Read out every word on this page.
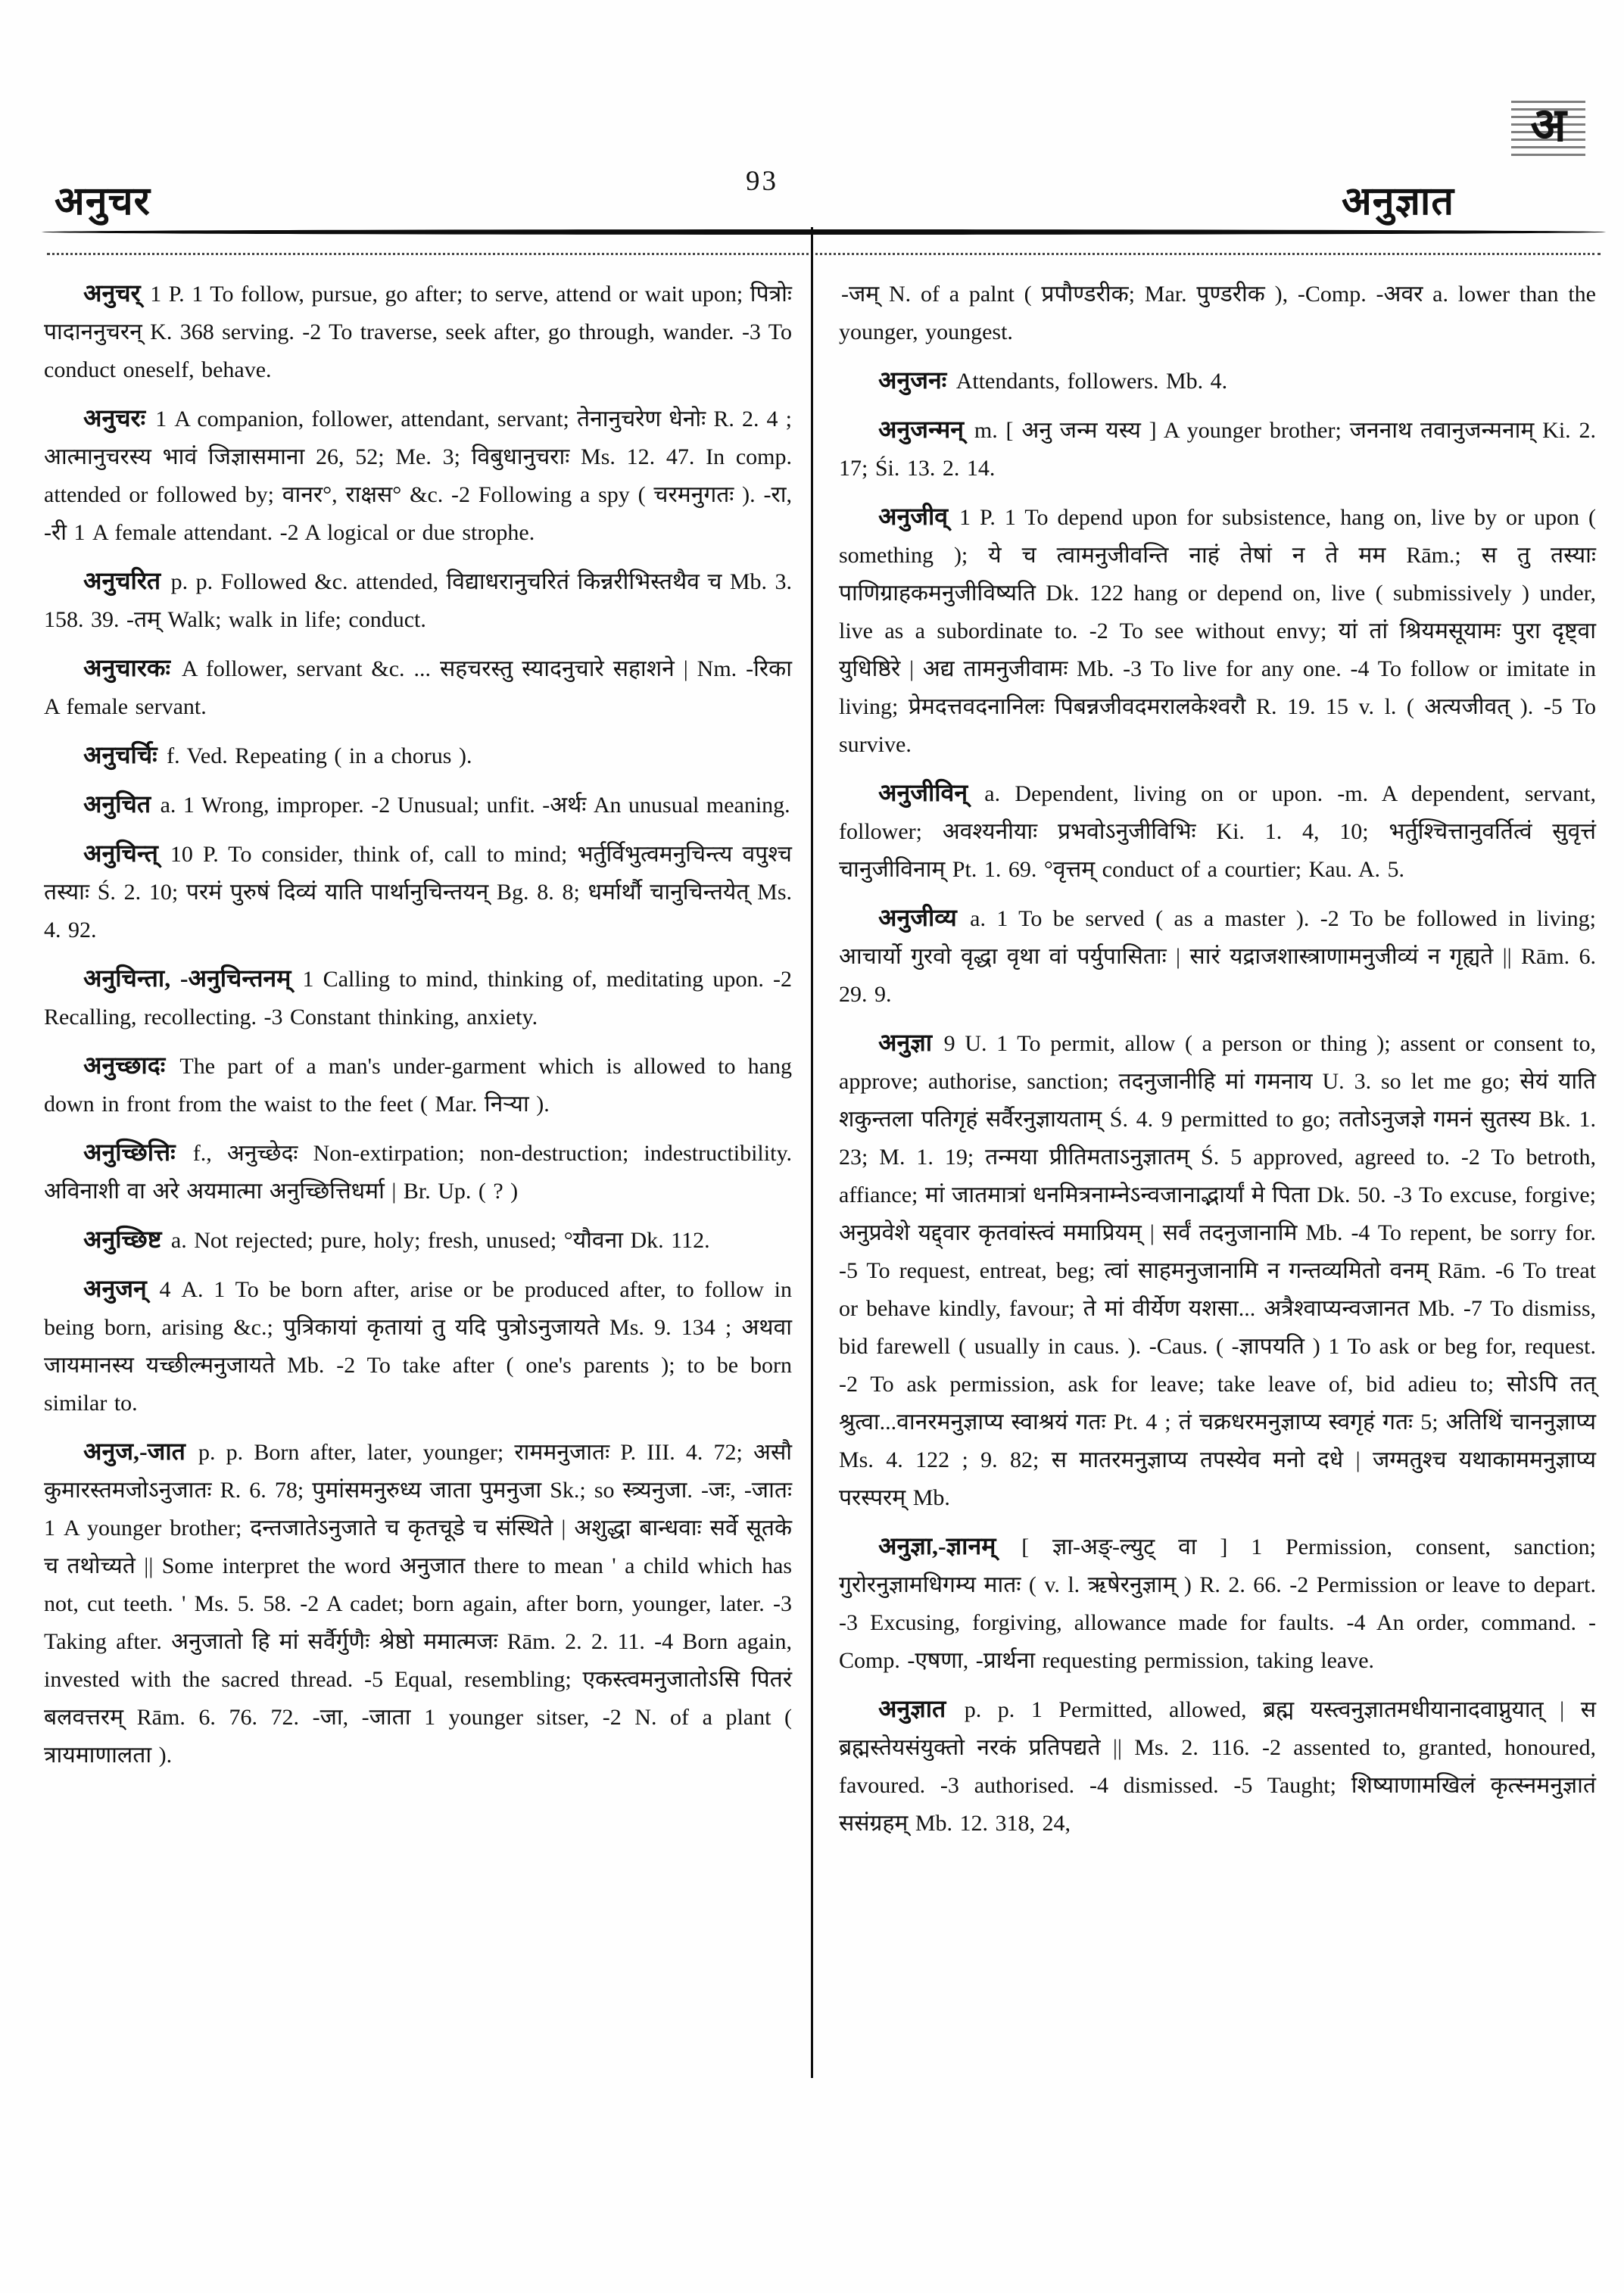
अनुचर	93	अनुज्ञात
अ

अनुचर् 1 P. 1 To follow, pursue, go after; to serve, attend or wait upon; पित्रोः पादाननुचरन् K. 368 serving. -2 To traverse, seek after, go through, wander. -3 To conduct oneself, behave.

अनुचरः 1 A companion, follower, attendant, servant; तेनानुचरेण धेनोः R. 2. 4 ; आत्मानुचरस्य भावं जिज्ञासमाना 26, 52; Me. 3; विबुधानुचराः Ms. 12. 47. In comp. attended or followed by; वानर°, राक्षस° &c. -2 Following a spy ( चरमनुगतः ). -रा, -री 1 A female attendant. -2 A logical or due strophe.

अनुचरित p. p. Followed &c. attended, विद्याधरानुचरितं किन्नरीभिस्तथैव च Mb. 3. 158. 39. -तम् Walk; walk in life; conduct.

अनुचारकः A follower, servant &c. ... सहचरस्तु स्यादनुचारे सहाशने | Nm. -रिका A female servant.

अनुचर्चिः f. Ved. Repeating ( in a chorus ).

अनुचित a. 1 Wrong, improper. -2 Unusual; unfit. -अर्थः An unusual meaning.

अनुचिन्त् 10 P. To consider, think of, call to mind; भर्तुर्विभुत्वमनुचिन्त्य वपुश्च तस्याः Ś. 2. 10; परमं पुरुषं दिव्यं याति पार्थानुचिन्तयन् Bg. 8. 8; धर्मार्थौ चानुचिन्तयेत् Ms. 4. 92.

अनुचिन्ता, -अनुचिन्तनम् 1 Calling to mind, thinking of, meditating upon. -2 Recalling, recollecting. -3 Constant thinking, anxiety.

अनुच्छादः The part of a man's under-garment which is allowed to hang down in front from the waist to the feet ( Mar. निऱ्या ).

अनुच्छित्तिः f., अनुच्छेदः Non-extirpation; non-destruction; indestructibility. अविनाशी वा अरे अयमात्मा अनुच्छित्तिधर्मा | Br. Up. ( ? )

अनुच्छिष्ट a. Not rejected; pure, holy; fresh, unused; °यौवना Dk. 112.

अनुजन् 4 A. 1 To be born after, arise or be produced after, to follow in being born, arising &c.; पुत्रिकायां कृतायां तु यदि पुत्रोऽनुजायते Ms. 9. 134 ; अथवा जायमानस्य यच्छील्मनुजायते Mb. -2 To take after ( one's parents ); to be born similar to.

अनुज,-जात p. p. Born after, later, younger; राममनुजातः P. III. 4. 72; असौ कुमारस्तमजोऽनुजातः R. 6. 78; पुमांसमनुरुध्य जाता पुमनुजा Sk.; so स्त्र्यनुजा. -जः, -जातः 1 A younger brother; दन्तजातेऽनुजाते च कृतचूडे च संस्थिते | अशुद्धा बान्धवाः सर्वे सूतके च तथोच्यते || Some interpret the word अनुजात there to mean ' a child which has not, cut teeth. ' Ms. 5. 58. -2 A cadet; born again, after born, younger, later. -3 Taking after. अनुजातो हि मां सर्वैर्गुणैः श्रेष्ठो ममात्मजः Rām. 2. 2. 11. -4 Born again, invested with the sacred thread. -5 Equal, resembling; एकस्त्वमनुजातोऽसि पितरं बलवत्तरम् Rām. 6. 76. 72. -जा, -जाता 1 younger sitser, -2 N. of a plant ( त्रायमाणालता ).

-जम् N. of a palnt ( प्रपौण्डरीक; Mar. पुण्डरीक ), -Comp. -अवर a. lower than the younger, youngest.

अनुजनः Attendants, followers. Mb. 4.

अनुजन्मन् m. [ अनु जन्म यस्य ] A younger brother; जननाथ तवानुजन्मनाम् Ki. 2. 17; Śi. 13. 2. 14.

अनुजीव् 1 P. 1 To depend upon for subsistence, hang on, live by or upon ( something ); ये च त्वामनुजीवन्ति नाहं तेषां न ते मम Rām.; स तु तस्याः पाणिग्राहकमनुजीविष्यति Dk. 122 hang or depend on, live ( submissively ) under, live as a subordinate to. -2 To see without envy; यां तां श्रियमसूयामः पुरा दृष्ट्वा युधिष्ठिरे | अद्य तामनुजीवामः Mb. -3 To live for any one. -4 To follow or imitate in living; प्रेमदत्तवदनानिलः पिबन्नजीवदमरालकेश्वरौ R. 19. 15 v. l. ( अत्यजीवत् ). -5 To survive.

अनुजीविन् a. Dependent, living on or upon. -m. A dependent, servant, follower; अवश्यनीयाः प्रभवोऽनुजीविभिः Ki. 1. 4, 10; भर्तुश्चित्तानुवर्तित्वं सुवृत्तं चानुजीविनाम् Pt. 1. 69. °वृत्तम् conduct of a courtier; Kau. A. 5.

अनुजीव्य a. 1 To be served ( as a master ). -2 To be followed in living; आचार्यो गुरवो वृद्धा वृथा वां पर्युपासिताः | सारं यद्राजशास्त्राणामनुजीव्यं न गृह्यते || Rām. 6. 29. 9.

अनुज्ञा 9 U. 1 To permit, allow ( a person or thing ); assent or consent to, approve; authorise, sanction; तदनुजानीहि मां गमनाय U. 3. so let me go; सेयं याति शकुन्तला पतिगृहं सर्वैरनुज्ञायताम् Ś. 4. 9 permitted to go; ततोऽनुजज्ञे गमनं सुतस्य Bk. 1. 23; M. 1. 19; तन्मया प्रीतिमताऽनुज्ञातम् Ś. 5 approved, agreed to. -2 To betroth, affiance; मां जातमात्रां धनमित्रनाम्नेऽन्वजानाद्भार्यां मे पिता Dk. 50. -3 To excuse, forgive; अनुप्रवेशे यद्द्वार कृतवांस्त्वं ममाप्रियम् | सर्वं तदनुजानामि Mb. -4 To repent, be sorry for. -5 To request, entreat, beg; त्वां साहमनुजानामि न गन्तव्यमितो वनम् Rām. -6 To treat or behave kindly, favour; ते मां वीर्येण यशसा... अत्रैश्वाप्यन्वजानत Mb. -7 To dismiss, bid farewell ( usually in caus. ). -Caus. ( -ज्ञापयति ) 1 To ask or beg for, request. -2 To ask permission, ask for leave; take leave of, bid adieu to; सोऽपि तत् श्रुत्वा...वानरमनुज्ञाप्य स्वाश्रयं गतः Pt. 4 ; तं चक्रधरमनुज्ञाप्य स्वगृहं गतः 5; अतिथिं चाननुज्ञाप्य Ms. 4. 122 ; 9. 82; स मातरमनुज्ञाप्य तपस्येव मनो दधे | जग्मतुश्च यथाकाममनुज्ञाप्य परस्परम् Mb.

अनुज्ञा,-ज्ञानम् [ ज्ञा-अङ्-ल्युट् वा ] 1 Permission, consent, sanction; गुरोरनुज्ञामधिगम्य मातः ( v. l. ऋषेरनुज्ञाम् ) R. 2. 66. -2 Permission or leave to depart. -3 Excusing, forgiving, allowance made for faults. -4 An order, command. -Comp. -एषणा, -प्रार्थना requesting permission, taking leave.

अनुज्ञात p. p. 1 Permitted, allowed, ब्रह्म यस्त्वनुज्ञातमधीयानादवाप्नुयात् | स ब्रह्मस्तेयसंयुक्तो नरकं प्रतिपद्यते || Ms. 2. 116. -2 assented to, granted, honoured, favoured. -3 authorised. -4 dismissed. -5 Taught; शिष्याणामखिलं कृत्स्नमनुज्ञातं ससंग्रहम् Mb. 12. 318, 24,
